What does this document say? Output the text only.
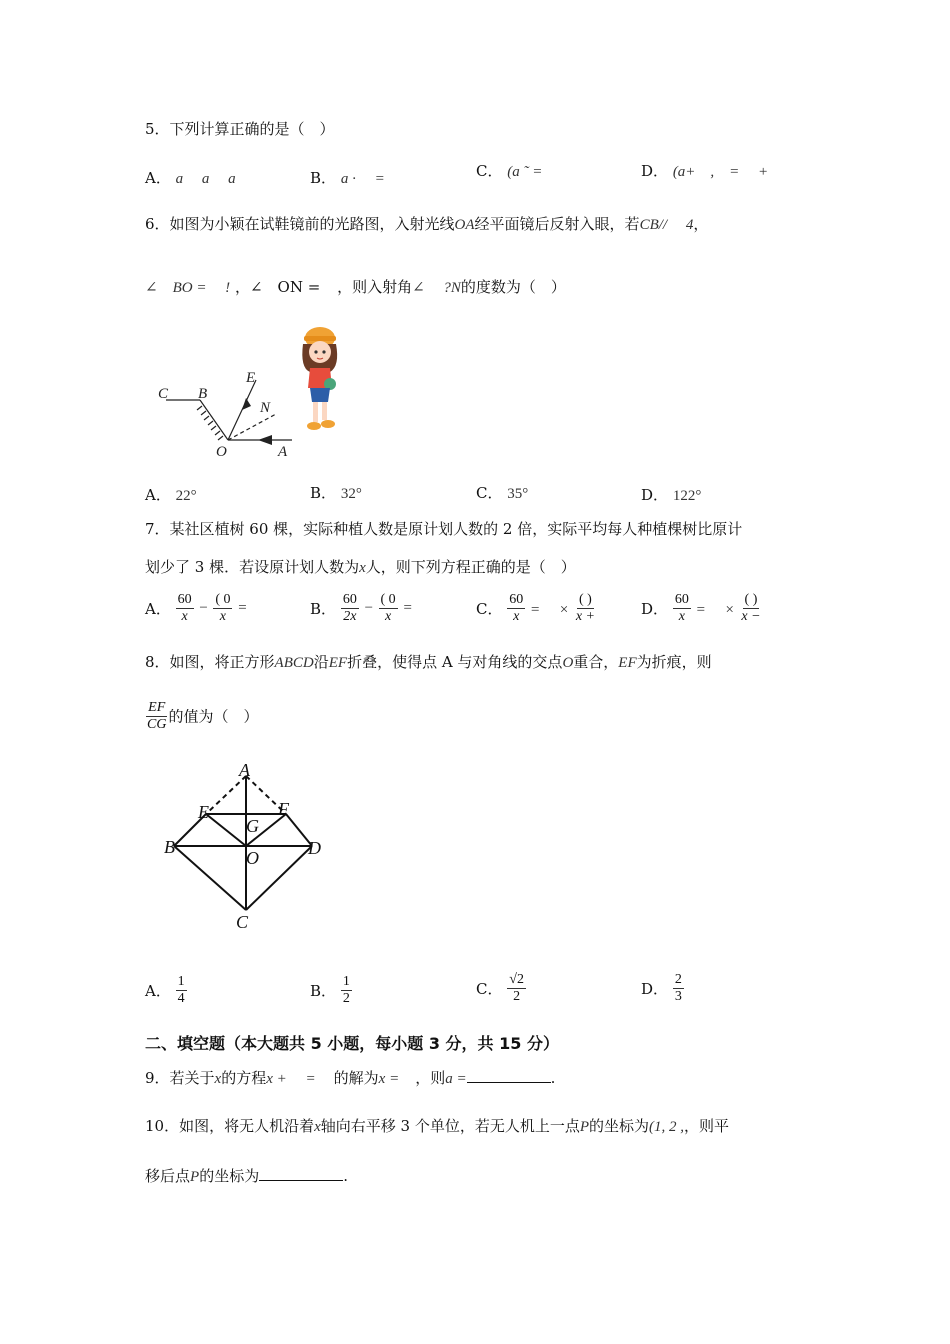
5．下列计算正确的是（　）
A． a　 a　 a	B． a ·　 =	C． (a ˜ =	D． (a+　,　=　 +
6．如图为小颖在试鞋镜前的光路图，入射光线OA经平面镜后反射入眼，若CB//　 4，
∠　BO =　 ! ，∠　ON = ，则入射角∠　 ?N的度数为（　）
C B
E
N
O	A
A． 22°	B． 32°	C． 35°	D． 122°
7．某社区植树 60 棵，实际种植人数是原计划人数的 2 倍，实际平均每人种植棵树比原计
划少了 3 棵．若设原计划人数为x人，则下列方程正确的是（　）
A． $\frac{60}{x} - \frac{( 0}{x}$ =	B． $\frac{60}{2x} - \frac{( 0}{x}$ =	C． $\frac{60}{x}$ = 　× $\frac{( )}{x +}$	D． $\frac{60}{x}$ = 　× $\frac{( )}{x -}$
8．如图，将正方形ABCD沿EF折叠，使得点 A 与对角线的交点O重合，EF为折痕，则
$\frac{EF}{CG}$ 的值为（　）
A
E	F
G
B
O	D
C
A． $\frac{1}{4}$	B． $\frac{1}{2}$	C． $\frac{√2}{2}$	D． $\frac{2}{3}$
二、填空题（本大题共 5 小题，每小题 3 分，共 15 分）
9．若关于x的方程x +　 = 的解为x = ，则a =	.
10．如图，将无人机沿着x轴向右平移 3 个单位，若无人机上一点P的坐标为(1, 2 ,，则平
移后点P的坐标为	.
